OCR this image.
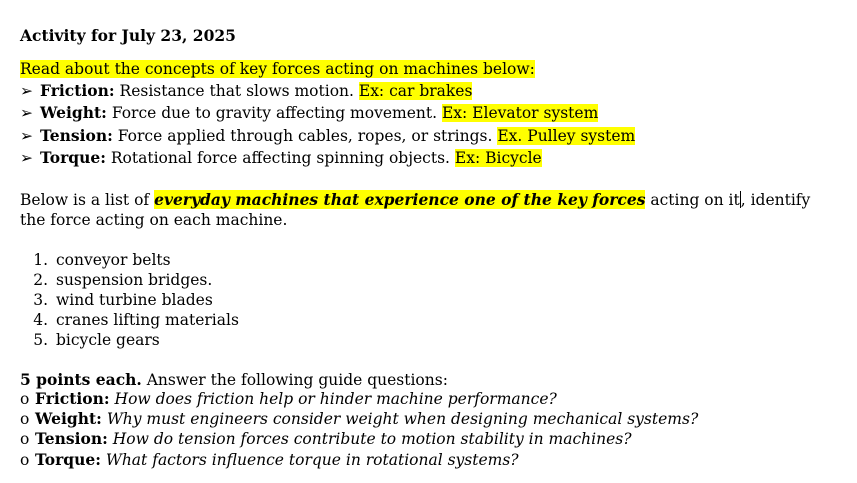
Activity for July 23, 2025
Read about the concepts of key forces acting on machines below:
➢ Friction: Resistance that slows motion. Ex: car brakes
➢ Weight: Force due to gravity affecting movement. Ex: Elevator system
➢ Tension: Force applied through cables, ropes, or strings. Ex. Pulley system
➢ Torque: Rotational force affecting spinning objects. Ex: Bicycle
Below is a list of everyday machines that experience one of the key forces acting on it, identify
the force acting on each machine.
1. conveyor belts
2. suspension bridges.
3. wind turbine blades
4. cranes lifting materials
5. bicycle gears
5 points each. Answer the following guide questions:
o Friction: How does friction help or hinder machine performance?
o Weight: Why must engineers consider weight when designing mechanical systems?
o Tension: How do tension forces contribute to motion stability in machines?
o Torque: What factors influence torque in rotational systems?
